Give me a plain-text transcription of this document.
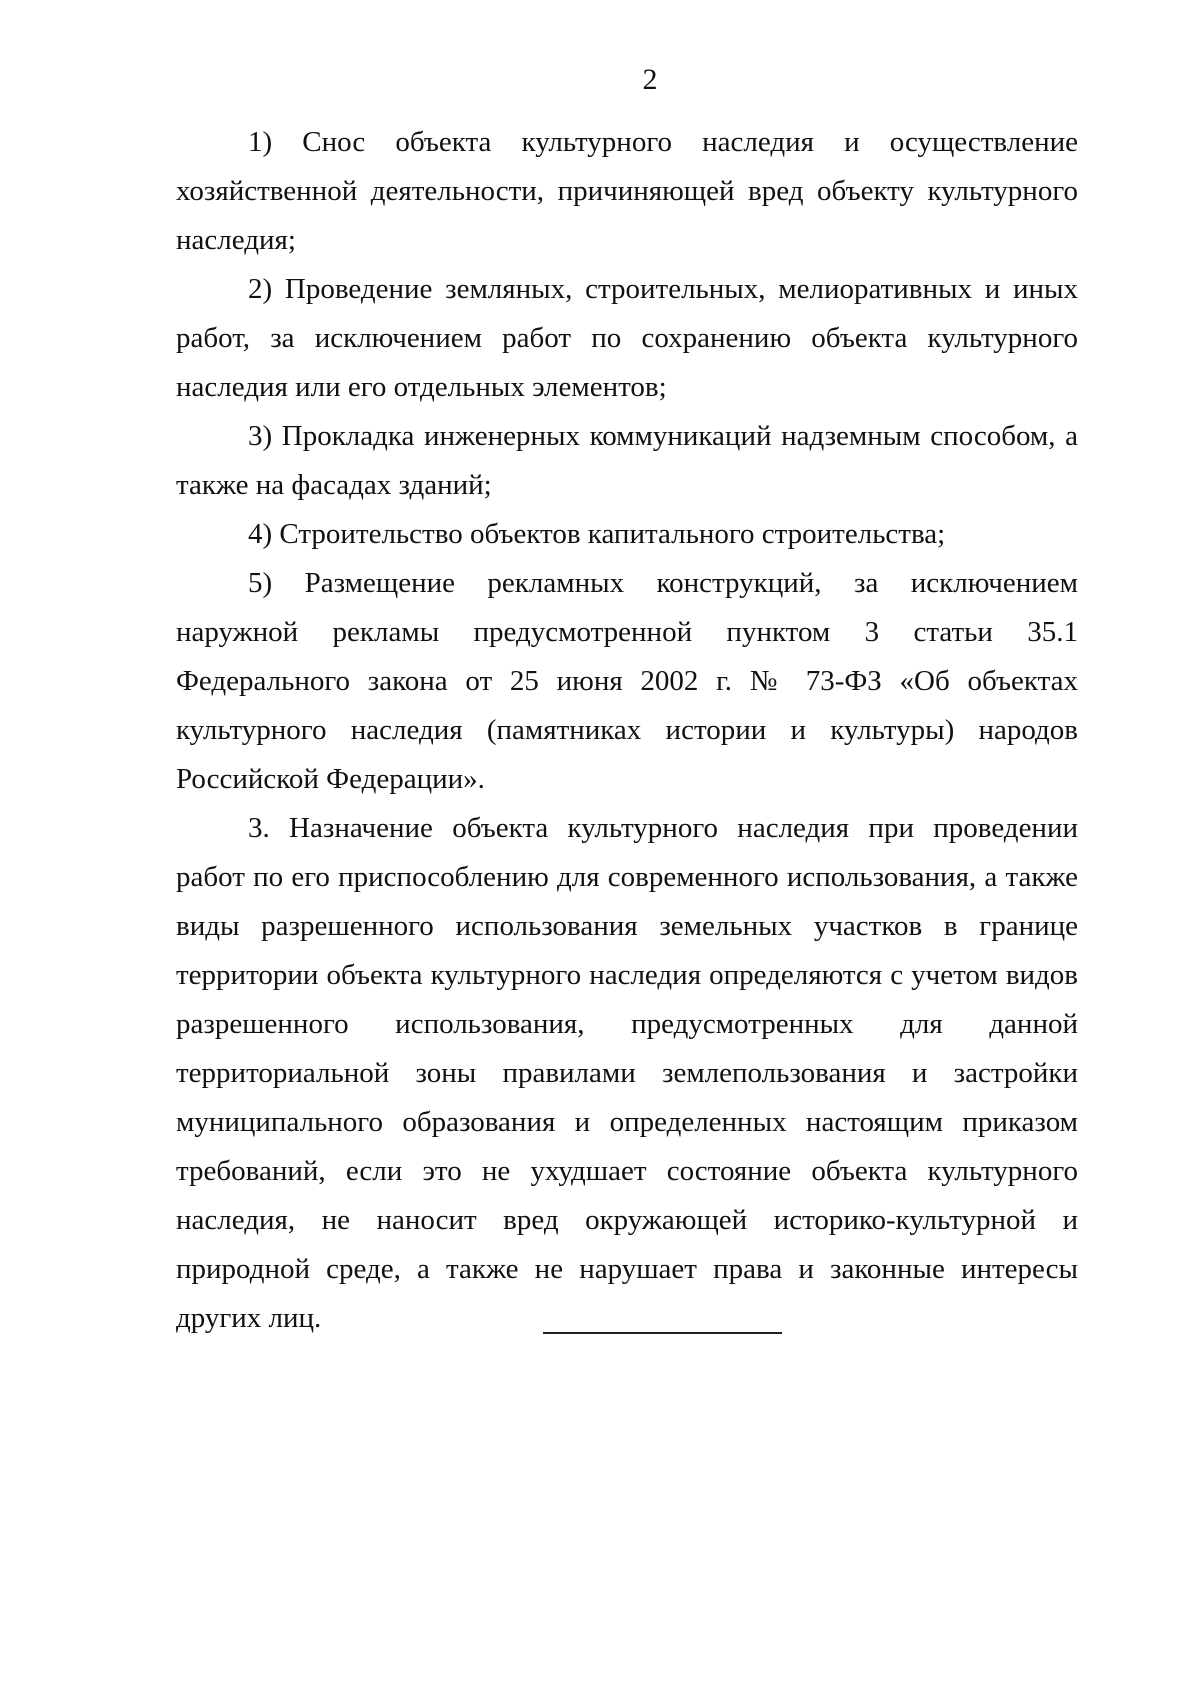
2

1) Снос объекта культурного наследия и осуществление хозяйственной деятельности, причиняющей вред объекту культурного наследия;

2) Проведение земляных, строительных, мелиоративных и иных работ, за исключением работ по сохранению объекта культурного наследия или его отдельных элементов;

3) Прокладка инженерных коммуникаций надземным способом, а также на фасадах зданий;

4) Строительство объектов капитального строительства;

5) Размещение рекламных конструкций, за исключением наружной рекламы предусмотренной пунктом 3 статьи 35.1 Федерального закона от 25 июня 2002 г. № 73-ФЗ «Об объектах культурного наследия (памятниках истории и культуры) народов Российской Федерации».

3. Назначение объекта культурного наследия при проведении работ по его приспособлению для современного использования, а также виды разрешенного использования земельных участков в границе территории объекта культурного наследия определяются с учетом видов разрешенного использования, предусмотренных для данной территориальной зоны правилами землепользования и застройки муниципального образования и определенных настоящим приказом требований, если это не ухудшает состояние объекта культурного наследия, не наносит вред окружающей историко-культурной и природной среде, а также не нарушает права и законные интересы других лиц.
